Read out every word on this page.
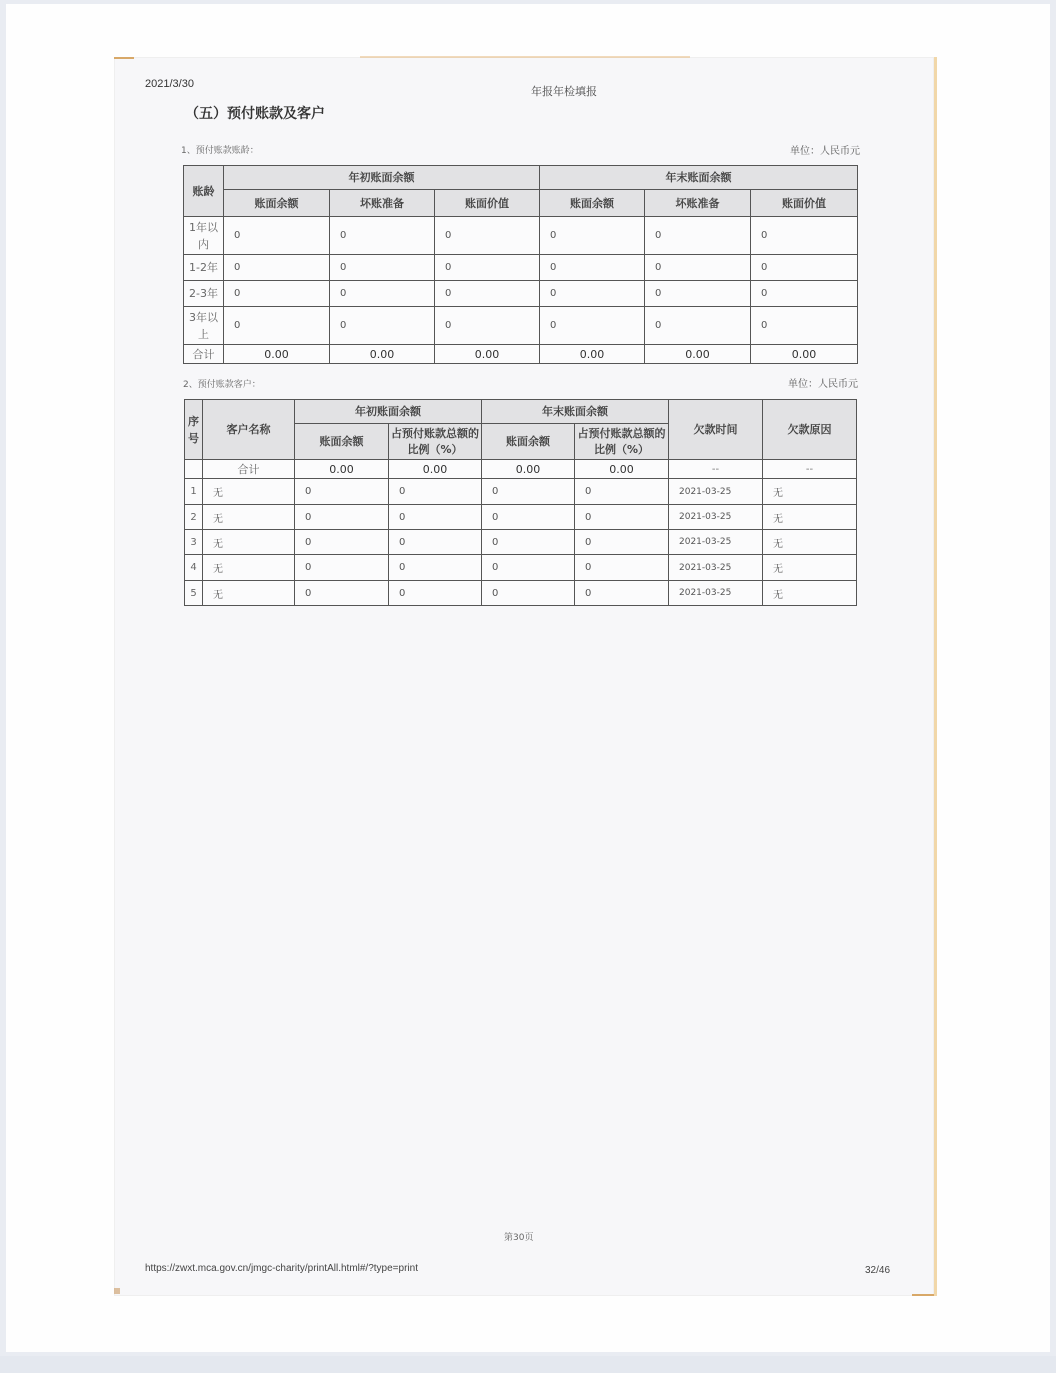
2021/3/30
年报年检填报
（五）预付账款及客户
1、预付账款账龄：	单位：人民币元
账龄	年初账面余额			年末账面余额		
	账面余额	坏账准备	账面价值	账面余额	坏账准备	账面价值
1年以内	0	0	0	0	0	0
1-2年	0	0	0	0	0	0
2-3年	0	0	0	0	0	0
3年以上	0	0	0	0	0	0
合计	0.00	0.00	0.00	0.00	0.00	0.00
2、预付账款客户：	单位：人民币元
序号	客户名称	年初账面余额		年末账面余额		欠款时间	欠款原因
		账面余额	占预付账款总额的比例（%）	账面余额	占预付账款总额的比例（%）		
	合计	0.00	0.00	0.00	0.00	--	--
1	无	0	0	0	0	2021-03-25	无
2	无	0	0	0	0	2021-03-25	无
3	无	0	0	0	0	2021-03-25	无
4	无	0	0	0	0	2021-03-25	无
5	无	0	0	0	0	2021-03-25	无
第30页
https://zwxt.mca.gov.cn/jmgc-charity/printAll.html#/?type=print	32/46
